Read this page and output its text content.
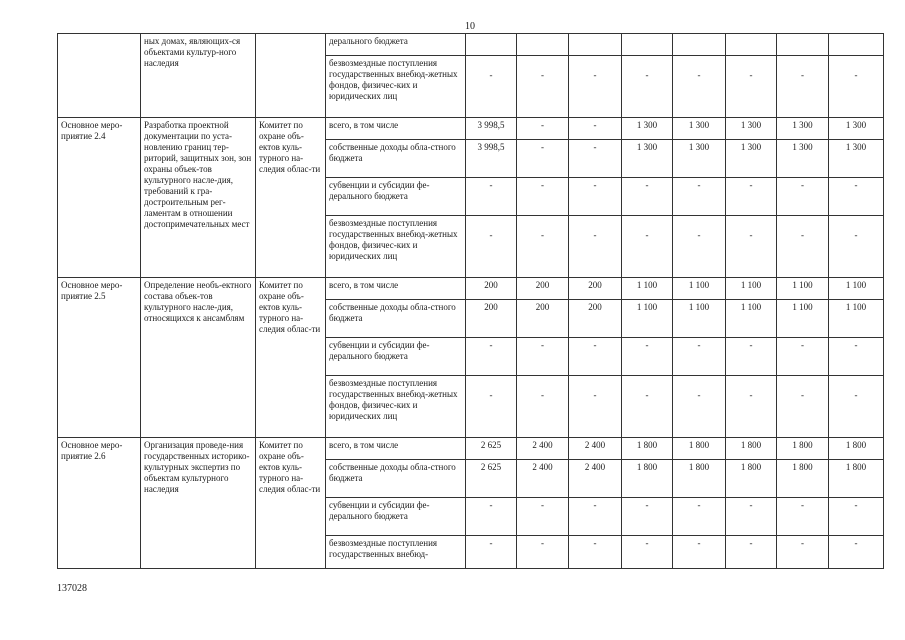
10
	ных домах, являющих-ся объектами культур-ного наследия		дерального бюджета								
			безвозмездные поступления государственных внебюд-жетных фондов, физичес-ких и юридических лиц	-	-	-	-	-	-	-	-
Основное меро-приятие 2.4	Разработка проектной документации по уста-новлению границ тер-риторий, защитных зон, зон охраны объек-тов культурного насле-дия, требований к гра-достроительным рег-ламентам в отношении достопримечательных мест	Комитет по охране объ-ектов куль-турного на-следия облас-ти	всего, в том числе	3 998,5	-	-	1 300	1 300	1 300	1 300	1 300
			собственные доходы обла-стного бюджета	3 998,5	-	-	1 300	1 300	1 300	1 300	1 300
			субвенции и субсидии фе-дерального бюджета	-	-	-	-	-	-	-	-
			безвозмездные поступления государственных внебюд-жетных фондов, физичес-ких и юридических лиц	-	-	-	-	-	-	-	-
Основное меро-приятие 2.5	Определение необъ-ектного состава объек-тов культурного насле-дия, относящихся к ансамблям	Комитет по охране объ-ектов куль-турного на-следия облас-ти	всего, в том числе	200	200	200	1 100	1 100	1 100	1 100	1 100
			собственные доходы обла-стного бюджета	200	200	200	1 100	1 100	1 100	1 100	1 100
			субвенции и субсидии фе-дерального бюджета	-	-	-	-	-	-	-	-
			безвозмездные поступления государственных внебюд-жетных фондов, физичес-ких и юридических лиц	-	-	-	-	-	-	-	-
Основное меро-приятие 2.6	Организация проведе-ния государственных историко-культурных экспертиз по объектам культурного наследия	Комитет по охране объ-ектов куль-турного на-следия облас-ти	всего, в том числе	2 625	2 400	2 400	1 800	1 800	1 800	1 800	1 800
			собственные доходы обла-стного бюджета	2 625	2 400	2 400	1 800	1 800	1 800	1 800	1 800
			субвенции и субсидии фе-дерального бюджета	-	-	-	-	-	-	-	-
			безвозмездные поступления государственных внебюд-	-	-	-	-	-	-	-	-
137028
